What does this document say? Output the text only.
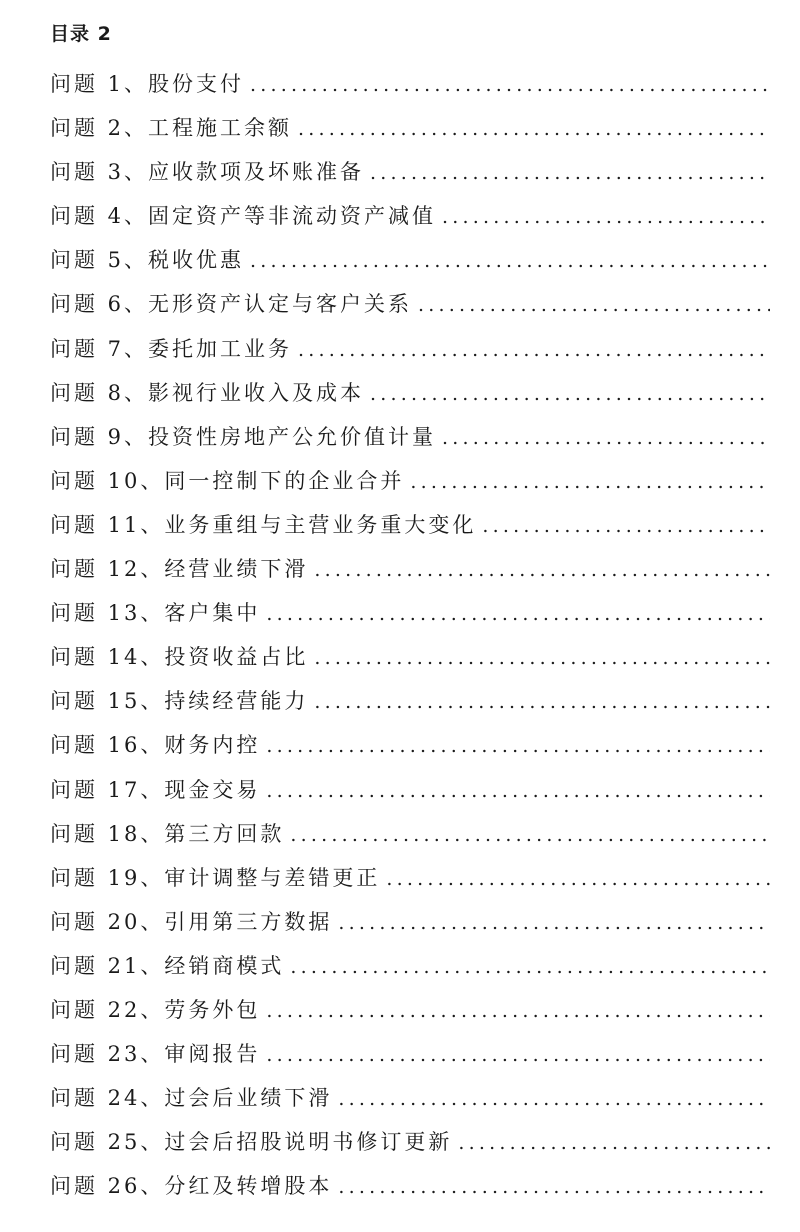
目录 2
问题 1、股份支付
.....
问题 2、工程施工余额
.....
问题 3、应收款项及坏账准备
.....
问题 4、固定资产等非流动资产减值
.....
问题 5、税收优惠
.....
问题 6、无形资产认定与客户关系
.....
问题 7、委托加工业务
.....
问题 8、影视行业收入及成本
.....
问题 9、投资性房地产公允价值计量
.....
问题 10、同一控制下的企业合并
.....
问题 11、业务重组与主营业务重大变化
.....
问题 12、经营业绩下滑
.....
问题 13、客户集中
.....
问题 14、投资收益占比
.....
问题 15、持续经营能力
.....
问题 16、财务内控
.....
问题 17、现金交易
.....
问题 18、第三方回款
.....
问题 19、审计调整与差错更正
.....
问题 20、引用第三方数据
.....
问题 21、经销商模式
.....
问题 22、劳务外包
.....
问题 23、审阅报告
.....
问题 24、过会后业绩下滑
.....
问题 25、过会后招股说明书修订更新
.....
问题 26、分红及转增股本
.....
